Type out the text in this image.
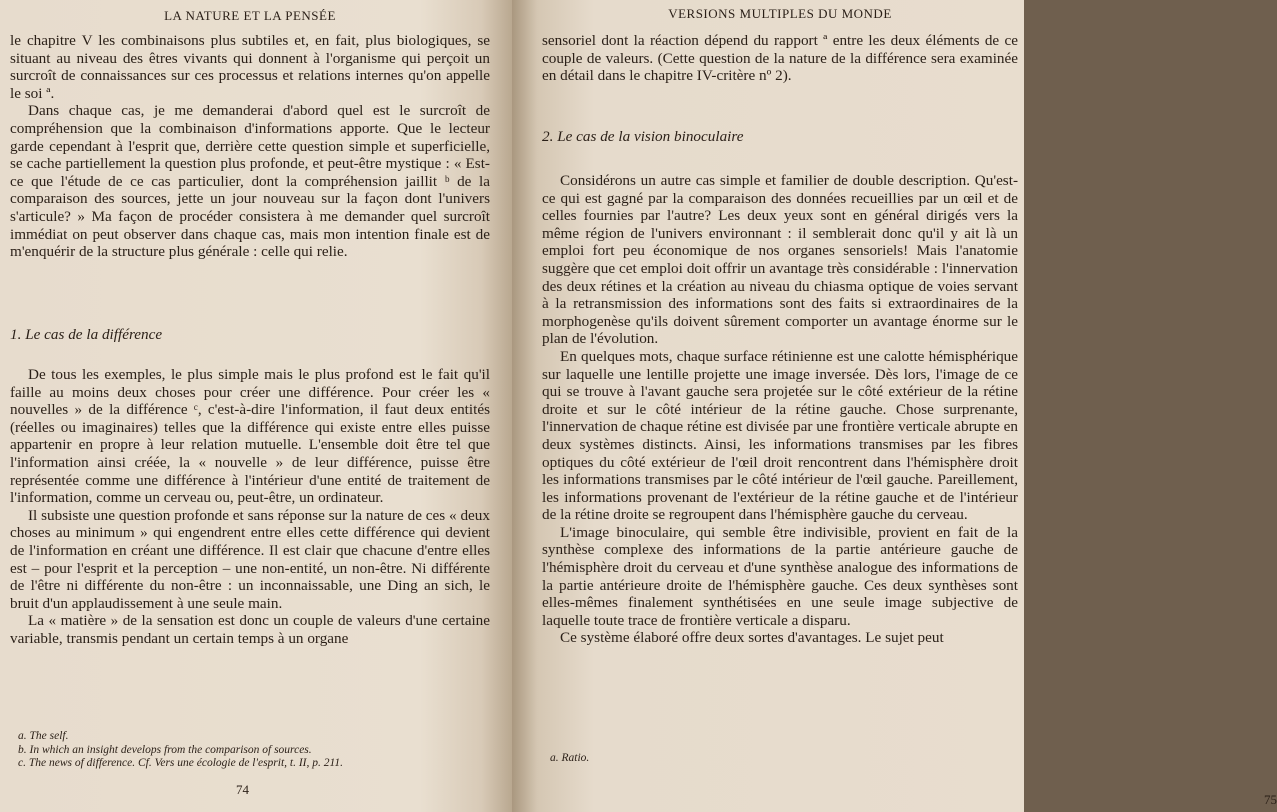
LA NATURE ET LA PENSÉE

le chapitre V les combinaisons plus subtiles et, en fait, plus biologiques, se situant au niveau des êtres vivants qui donnent à l'organisme qui perçoit un surcroît de connaissances sur ces processus et relations internes qu'on appelle le soi ª.

Dans chaque cas, je me demanderai d'abord quel est le surcroît de compréhension que la combinaison d'informations apporte. Que le lecteur garde cependant à l'esprit que, derrière cette question simple et superficielle, se cache partiellement la question plus profonde, et peut-être mystique : « Est-ce que l'étude de ce cas particulier, dont la compréhension jaillit ᵇ de la comparaison des sources, jette un jour nouveau sur la façon dont l'univers s'articule? » Ma façon de procéder consistera à me demander quel surcroît immédiat on peut observer dans chaque cas, mais mon intention finale est de m'enquérir de la structure plus générale : celle qui relie.

1. Le cas de la différence

De tous les exemples, le plus simple mais le plus profond est le fait qu'il faille au moins deux choses pour créer une différence. Pour créer les « nouvelles » de la différence ᶜ, c'est-à-dire l'information, il faut deux entités (réelles ou imaginaires) telles que la différence qui existe entre elles puisse appartenir en propre à leur relation mutuelle. L'ensemble doit être tel que l'information ainsi créée, la « nouvelle » de leur différence, puisse être représentée comme une différence à l'intérieur d'une entité de traitement de l'information, comme un cerveau ou, peut-être, un ordinateur.

Il subsiste une question profonde et sans réponse sur la nature de ces « deux choses au minimum » qui engendrent entre elles cette différence qui devient de l'information en créant une différence. Il est clair que chacune d'entre elles est – pour l'esprit et la perception – une non-entité, un non-être. Ni différente de l'être ni différente du non-être : un inconnaissable, une Ding an sich, le bruit d'un applaudissement à une seule main.

La « matière » de la sensation est donc un couple de valeurs d'une certaine variable, transmis pendant un certain temps à un organe

a. The self.
b. In which an insight develops from the comparison of sources.
c. The news of difference. Cf. Vers une écologie de l'esprit, t. II, p. 211.
74
VERSIONS MULTIPLES DU MONDE

sensoriel dont la réaction dépend du rapport ª entre les deux éléments de ce couple de valeurs. (Cette question de la nature de la différence sera examinée en détail dans le chapitre IV-critère nº 2).

2. Le cas de la vision binoculaire

Considérons un autre cas simple et familier de double description. Qu'est-ce qui est gagné par la comparaison des données recueillies par un œil et de celles fournies par l'autre? Les deux yeux sont en général dirigés vers la même région de l'univers environnant : il semblerait donc qu'il y ait là un emploi fort peu économique de nos organes sensoriels! Mais l'anatomie suggère que cet emploi doit offrir un avantage très considérable : l'innervation des deux rétines et la création au niveau du chiasma optique de voies servant à la retransmission des informations sont des faits si extraordinaires de la morphogenèse qu'ils doivent sûrement comporter un avantage énorme sur le plan de l'évolution.

En quelques mots, chaque surface rétinienne est une calotte hémisphérique sur laquelle une lentille projette une image inversée. Dès lors, l'image de ce qui se trouve à l'avant gauche sera projetée sur le côté extérieur de la rétine droite et sur le côté intérieur de la rétine gauche. Chose surprenante, l'innervation de chaque rétine est divisée par une frontière verticale abrupte en deux systèmes distincts. Ainsi, les informations transmises par les fibres optiques du côté extérieur de l'œil droit rencontrent dans l'hémisphère droit les informations transmises par le côté intérieur de l'œil gauche. Pareillement, les informations provenant de l'extérieur de la rétine gauche et de l'intérieur de la rétine droite se regroupent dans l'hémisphère gauche du cerveau.

L'image binoculaire, qui semble être indivisible, provient en fait de la synthèse complexe des informations de la partie antérieure gauche de l'hémisphère droit du cerveau et d'une synthèse analogue des informations de la partie antérieure droite de l'hémisphère gauche. Ces deux synthèses sont elles-mêmes finalement synthétisées en une seule image subjective de laquelle toute trace de frontière verticale a disparu.

Ce système élaboré offre deux sortes d'avantages. Le sujet peut

a. Ratio.
75
